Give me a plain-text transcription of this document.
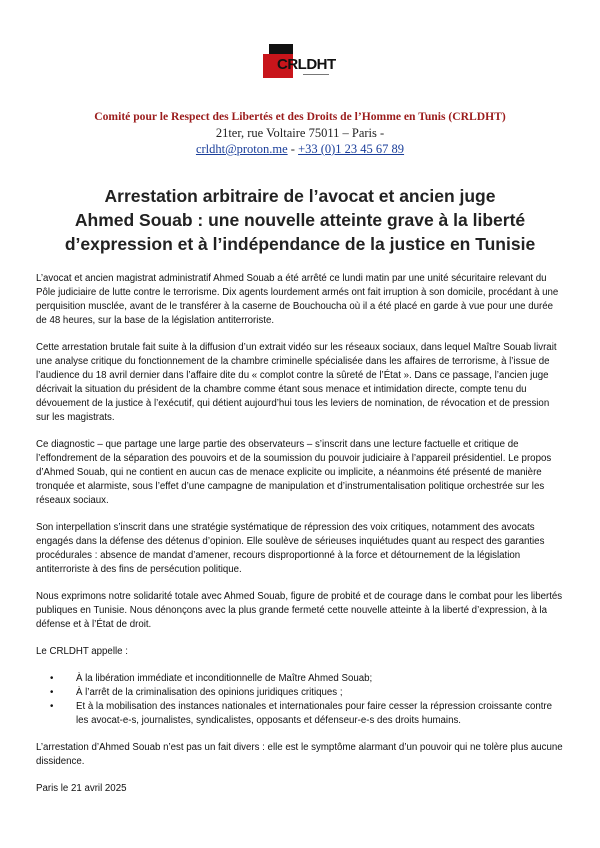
CRLDHT
Comité pour le Respect des Libertés et des Droits de l’Homme en Tunis (CRLDHT)
21ter, rue Voltaire 75011 – Paris -
crldht@proton.me - +33 (0)1 23 45 67 89
Arrestation arbitraire de l’avocat et ancien juge
Ahmed Souab : une nouvelle atteinte grave à la liberté
d’expression et à l’indépendance de la justice en Tunisie

L’avocat et ancien magistrat administratif Ahmed Souab a été arrêté ce lundi matin par une unité sécuritaire relevant du Pôle judiciaire de lutte contre le terrorisme. Dix agents lourdement armés ont fait irruption à son domicile, procédant à une perquisition musclée, avant de le transférer à la caserne de Bouchoucha où il a été placé en garde à vue pour une durée de 48 heures, sur la base de la législation antiterroriste.

Cette arrestation brutale fait suite à la diffusion d’un extrait vidéo sur les réseaux sociaux, dans lequel Maître Souab livrait une analyse critique du fonctionnement de la chambre criminelle spécialisée dans les affaires de terrorisme, à l’issue de l’audience du 18 avril dernier dans l’affaire dite du « complot contre la sûreté de l’État ». Dans ce passage, l’ancien juge décrivait la situation du président de la chambre comme étant sous menace et intimidation directe, compte tenu du dévouement de la justice à l’exécutif, qui détient aujourd’hui tous les leviers de nomination, de révocation et de pression sur les magistrats.

Ce diagnostic – que partage une large partie des observateurs – s’inscrit dans une lecture factuelle et critique de l’effondrement de la séparation des pouvoirs et de la soumission du pouvoir judiciaire à l’appareil présidentiel. Le propos d’Ahmed Souab, qui ne contient en aucun cas de menace explicite ou implicite, a néanmoins été présenté de manière tronquée et alarmiste, sous l’effet d’une campagne de manipulation et d’instrumentalisation politique orchestrée sur les réseaux sociaux.

Son interpellation s’inscrit dans une stratégie systématique de répression des voix critiques, notamment des avocats engagés dans la défense des détenus d’opinion. Elle soulève de sérieuses inquiétudes quant au respect des garanties procédurales : absence de mandat d’amener, recours disproportionné à la force et détournement de la législation antiterroriste à des fins de persécution politique.

Nous exprimons notre solidarité totale avec Ahmed Souab, figure de probité et de courage dans le combat pour les libertés publiques en Tunisie. Nous dénonçons avec la plus grande fermeté cette nouvelle atteinte à la liberté d’expression, à la défense et à l’État de droit.

Le CRLDHT appelle :

• À la libération immédiate et inconditionnelle de Maître Ahmed Souab;
• À l’arrêt de la criminalisation des opinions juridiques critiques ;
• Et à la mobilisation des instances nationales et internationales pour faire cesser la répression croissante contre les avocat-e-s, journalistes, syndicalistes, opposants et défenseur-e-s des droits humains.

L’arrestation d’Ahmed Souab n’est pas un fait divers : elle est le symptôme alarmant d’un pouvoir qui ne tolère plus aucune dissidence.

Paris le 21 avril 2025
